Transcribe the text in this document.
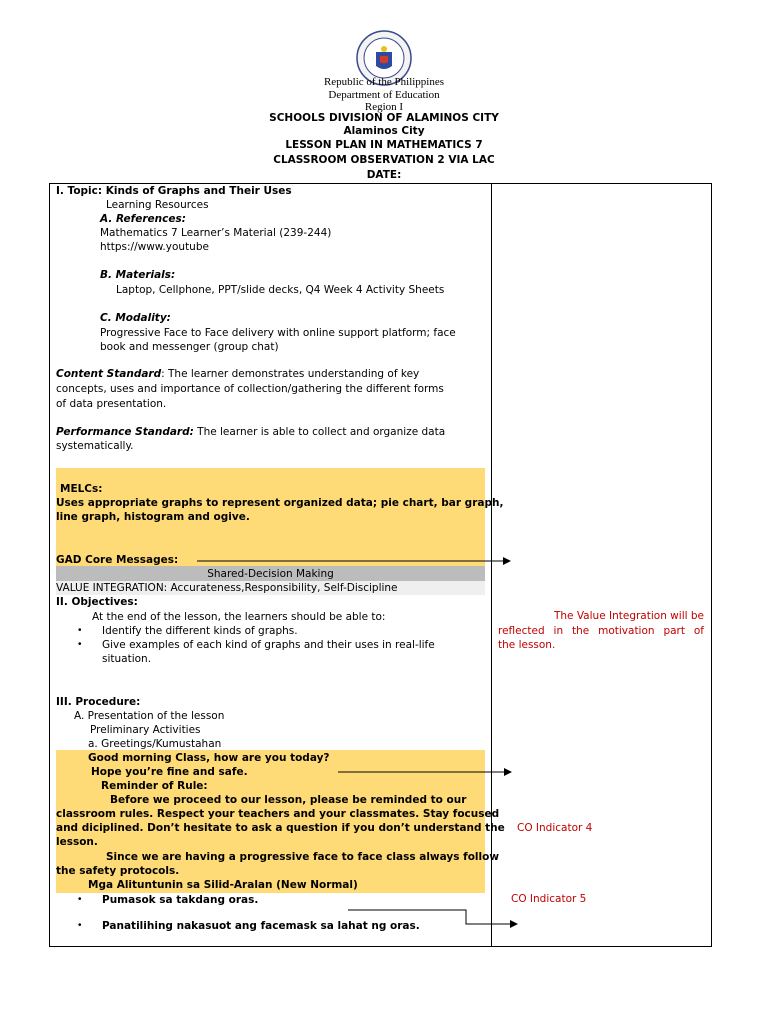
Republic of the Philippines
Department of Education
Region I
SCHOOLS DIVISION OF ALAMINOS CITY
Alaminos City
LESSON PLAN IN MATHEMATICS 7
CLASSROOM OBSERVATION 2 VIA LAC
DATE:
I. Topic: Kinds of Graphs and Their Uses
Learning Resources
A. References:
Mathematics 7 Learner’s Material (239-244)
https://www.youtube
B. Materials:
Laptop, Cellphone, PPT/slide decks, Q4 Week 4 Activity Sheets
C. Modality:
Progressive Face to Face delivery with online support platform; face
book and messenger (group chat)
Content Standard: The learner demonstrates understanding of key
concepts, uses and importance of collection/gathering the different forms
of data presentation.
Performance Standard: The learner is able to collect and organize data
systematically.
MELCs:
Uses appropriate graphs to represent organized data; pie chart, bar graph,
line graph, histogram and ogive.
GAD Core Messages:
Shared-Decision Making
VALUE INTEGRATION: Accurateness,Responsibility, Self-Discipline
II. Objectives:
At the end of the lesson, the learners should be able to:
• Identify the different kinds of graphs.
• Give examples of each kind of graphs and their uses in real-life
situation.
III. Procedure:
A. Presentation of the lesson
Preliminary Activities
a. Greetings/Kumustahan
Good morning Class, how are you today?
Hope you’re fine and safe.
Reminder of Rule:
Before we proceed to our lesson, please be reminded to our
classroom rules. Respect your teachers and your classmates. Stay focused
and diciplined. Don’t hesitate to ask a question if you don’t understand the
lesson.
Since we are having a progressive face to face class always follow
the safety protocols.
Mga Alituntunin sa Silid-Aralan (New Normal)
• Pumasok sa takdang oras.
• Panatilihing nakasuot ang facemask sa lahat ng oras.
The Value Integration will be
reflected in the motivation part of
the lesson.
CO Indicator 4
CO Indicator 5
